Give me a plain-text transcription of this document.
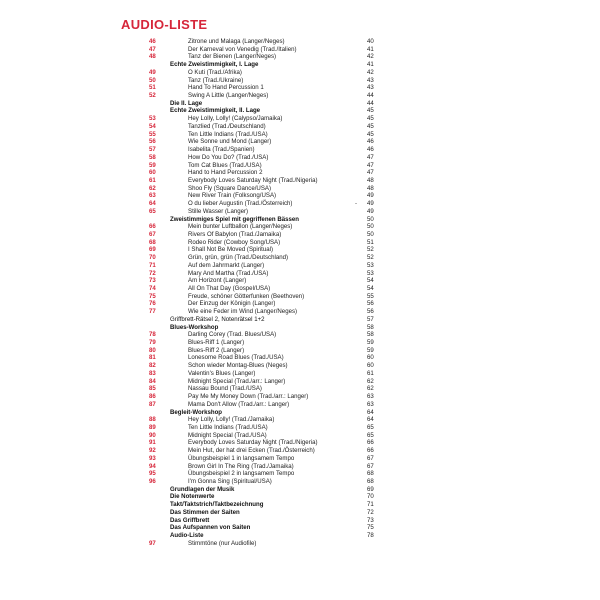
AUDIO-LISTE
46	Zitrone und Malaga (Langer/Neges)	40
47	Der Karneval von Venedig (Trad./Italien)	41
48	Tanz der Bienen (Langer/Neges)	42
Echte Zweistimmigkeit, I. Lage	41
49	O Kuti (Trad./Afrika)	42
50	Tanz (Trad./Ukraine)	43
51	Hand To Hand Percussion 1	43
52	Swing A Little (Langer/Neges)	44
Die II. Lage	44
Echte Zweistimmigkeit, II. Lage	45
53	Hey Lolly, Lolly! (Calypso/Jamaika)	45
54	Tanzlied (Trad./Deutschland)	45
55	Ten Little Indians (Trad./USA)	45
56	Wie Sonne und Mond (Langer)	46
57	Isabelita (Trad./Spanien)	46
58	How Do You Do? (Trad./USA)	47
59	Tom Cat Blues (Trad./USA)	47
60	Hand to Hand Percussion 2	47
61	Everybody Loves Saturday Night (Trad./Nigeria)	48
62	Shoo Fly (Square Dance/USA)	48
63	New River Train (Folksong/USA)	49
64	O du lieber Augustin (Trad./Österreich)	- 49
65	Stille Wasser (Langer)	49
Zweistimmiges Spiel mit gegriffenen Bässen	50
66	Mein bunter Luftballon (Langer/Neges)	50
67	Rivers Of Babylon (Trad./Jamaika)	50
68	Rodeo Rider (Cowboy Song/USA)	51
69	I Shall Not Be Moved (Spiritual)	52
70	Grün, grün, grün (Trad./Deutschland)	52
71	Auf dem Jahrmarkt (Langer)	53
72	Mary And Martha (Trad./USA)	53
73	Am Horizont (Langer)	54
74	All On That Day (Gospel/USA)	54
75	Freude, schöner Götterfunken (Beethoven)	55
76	Der Einzug der Königin (Langer)	56
77	Wie eine Feder im Wind (Langer/Neges)	56
Griffbrett-Rätsel 2, Notenrätsel 1+2	57
Blues-Workshop	58
78	Darling Corey (Trad. Blues/USA)	58
79	Blues-Riff 1 (Langer)	59
80	Blues-Riff 2 (Langer)	59
81	Lonesome Road Blues (Trad./USA)	60
82	Schon wieder Montag-Blues (Neges)	60
83	Valentin's Blues (Langer)	61
84	Midnight Special (Trad./arr.: Langer)	62
85	Nassau Bound (Trad./USA)	62
86	Pay Me My Money Down (Trad./arr.: Langer)	63
87	Mama Don't Allow (Trad./arr.: Langer)	63
Begleit-Workshop	64
88	Hey Lolly, Lolly! (Trad./Jamaika)	64
89	Ten Little Indians (Trad./USA)	65
90	Midnight Special (Trad./USA)	65
91	Everybody Loves Saturday Night (Trad./Nigeria)	66
92	Mein Hut, der hat drei Ecken (Trad./Österreich)	66
93	Übungsbeispiel 1 in langsamem Tempo	67
94	Brown Girl In The Ring (Trad./Jamaika)	67
95	Übungsbeispiel 2 in langsamem Tempo	68
96	I'm Gonna Sing (Spiritual/USA)	68
Grundlagen der Musik	69
Die Notenwerte	70
Takt/Taktstrich/Taktbezeichnung	71
Das Stimmen der Saiten	72
Das Griffbrett	73
Das Aufspannen von Saiten	75
Audio-Liste	78
97	Stimmtöne (nur Audiofile)
